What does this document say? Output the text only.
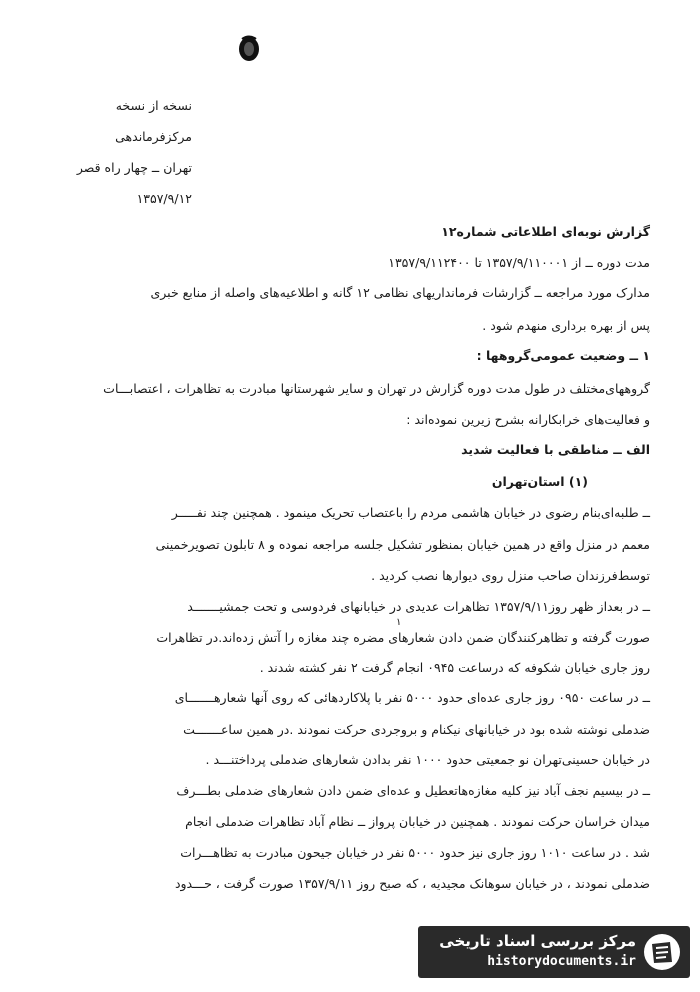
نسخه از نسخه
مرکزفرماندهی
تهران ــ چهار راه قصر
۱۳۵۷/۹/۱۲
گزارش نوبه‌ای اطلاعاتی شماره۱۲
مدت دوره ــ از ۱۳۵۷/۹/۱۱۰۰۰۱ تا ۱۳۵۷/۹/۱۱۲۴۰۰
مدارک مورد مراجعه ــ گزارشات فرمانداریهای نظامی ۱۲ گانه و اطلاعیه‌های واصله از منابع خبری
پس از بهره برداری منهدم شود .
۱ ــ وضعیت عمومی‌گروهها :
گروههای‌مختلف در طول مدت دوره گزارش در تهران و سایر شهرستانها مبادرت به تظاهرات ، اعتصابـــات
و فعالیت‌های خرابکارانه بشرح زیرین نموده‌اند :
الف ــ مناطقی با فعالیت شدید
(۱) استان‌تهران
ــ طلبه‌ای‌بنام رضوی در خیابان هاشمی مردم را باعتصاب تحریک مینمود . همچنین چند نفـــــر
معمم در منزل واقع در همین خیابان بمنظور تشکیل جلسه مراجعه نموده و ۸ تابلون تصویرخمینی
توسط‌فرزندان صاحب منزل روی دیوارها نصب کردید .
ــ در بعداز ظهر روز۱۳۵۷/۹/۱۱ تظاهرات عدیدی در خیابانهای فردوسی و تحت جمشیـــــــد
صورت گرفته و تظاهرکنندگان ضمن دادن شعارهای مضره چند مغازه را آتش زده‌اند.در تظاهرات
روز جاری خیابان شکوفه که درساعت ۰۹۴۵ انجام گرفت ۲ نفر کشته شدند .
ــ در ساعت ۰۹۵۰ روز جاری عده‌ای حدود ۵۰۰۰ نفر با پلاکاردهائی که روی آنها شعارهـــــــای
ضدملی نوشته شده بود در خیابانهای نیکنام و بروجردی حرکت نمودند .در همین ساعـــــــت
در خیابان حسینی‌تهران نو جمعیتی حدود ۱۰۰۰ نفر بدادن شعارهای ضدملی پرداختنـــد .
ــ در بیسیم نجف آباد نیز کلیه مغازه‌ها‌تعطیل و عده‌ای ضمن دادن شعارهای ضدملی بطـــرف
میدان خراسان حرکت نمودند . همچنین در خیابان پرواز ــ نظام آباد تظاهرات ضدملی انجام
شد . در ساعت ۱۰۱۰ روز جاری نیز حدود ۵۰۰۰ نفر در خیابان جیحون مبادرت به تظاهـــرات
ضدملی نمودند ، در خیابان سوهانک مجیدیه ، که صبح روز ۱۳۵۷/۹/۱۱ صورت گرفت ، حـــدود
۱
مرکز بررسی اسناد تاریخی
historydocuments.ir
